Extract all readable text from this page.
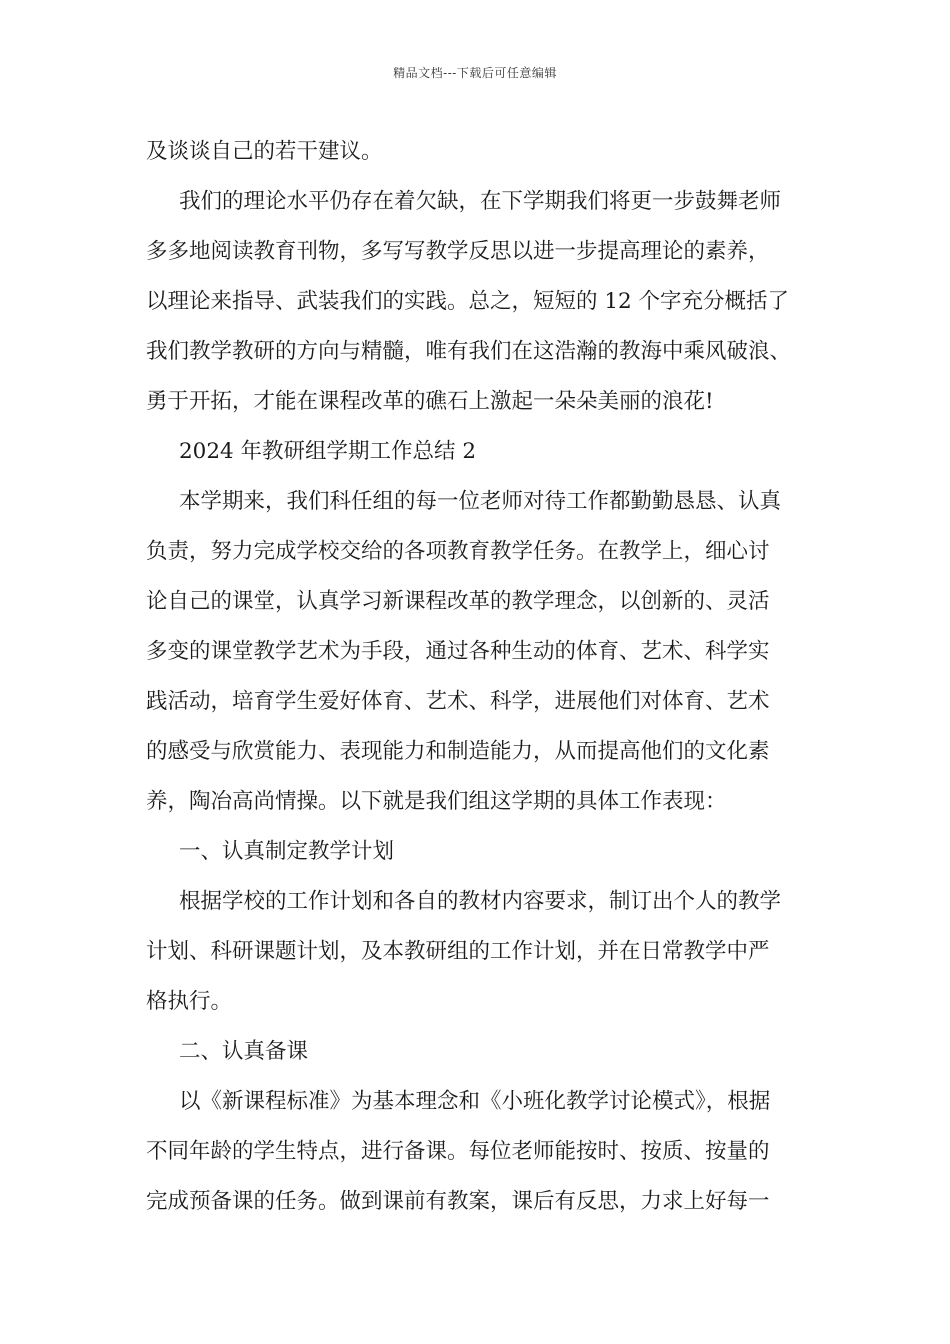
精品文档---下载后可任意编辑
及谈谈自己的若干建议。
我们的理论水平仍存在着欠缺，在下学期我们将更一步鼓舞老师
多多地阅读教育刊物，多写写教学反思以进一步提高理论的素养，
以理论来指导、武装我们的实践。总之，短短的 12 个字充分概括了
我们教学教研的方向与精髓，唯有我们在这浩瀚的教海中乘风破浪、
勇于开拓，才能在课程改革的礁石上激起一朵朵美丽的浪花!
2024 年教研组学期工作总结 2
本学期来，我们科任组的每一位老师对待工作都勤勤恳恳、认真
负责，努力完成学校交给的各项教育教学任务。在教学上，细心讨
论自己的课堂，认真学习新课程改革的教学理念，以创新的、灵活
多变的课堂教学艺术为手段，通过各种生动的体育、艺术、科学实
践活动，培育学生爱好体育、艺术、科学，进展他们对体育、艺术
的感受与欣赏能力、表现能力和制造能力，从而提高他们的文化素
养，陶冶高尚情操。以下就是我们组这学期的具体工作表现：
一、认真制定教学计划
根据学校的工作计划和各自的教材内容要求，制订出个人的教学
计划、科研课题计划，及本教研组的工作计划，并在日常教学中严
格执行。
二、认真备课
以《新课程标准》为基本理念和《小班化教学讨论模式》，根据
不同年龄的学生特点，进行备课。每位老师能按时、按质、按量的
完成预备课的任务。做到课前有教案，课后有反思，力求上好每一
